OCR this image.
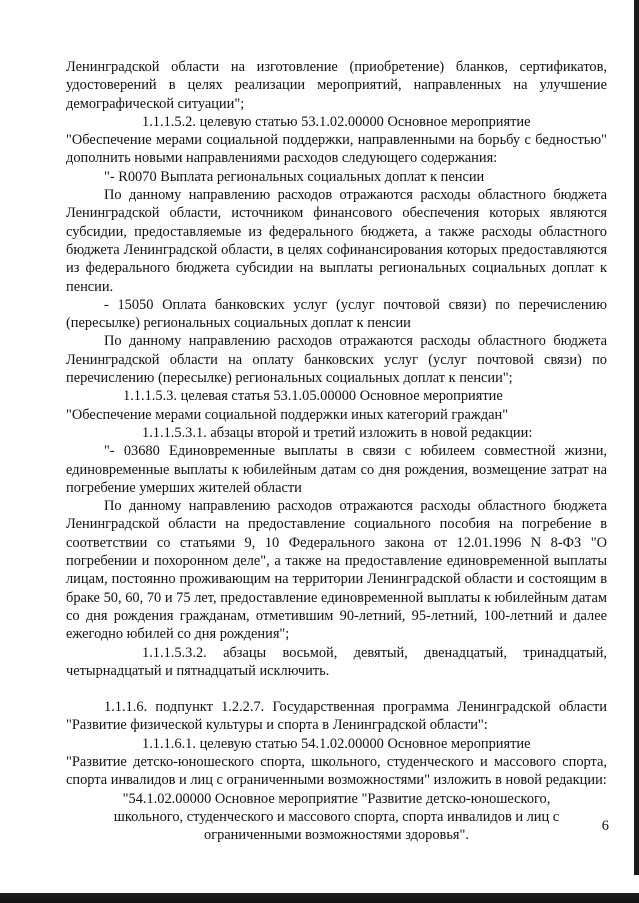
Ленинградской области на изготовление (приобретение) бланков, сертификатов, удостоверений в целях реализации мероприятий, направленных на улучшение демографической ситуации";

1.1.1.5.2. целевую статью 53.1.02.00000 Основное мероприятие

"Обеспечение мерами социальной поддержки, направленными на борьбу с бедностью" дополнить новыми направлениями расходов следующего содержания:

"- R0070 Выплата региональных социальных доплат к пенсии

По данному направлению расходов отражаются расходы областного бюджета Ленинградской области, источником финансового обеспечения которых являются субсидии, предоставляемые из федерального бюджета, а также расходы областного бюджета Ленинградской области, в целях софинансирования которых предоставляются из федерального бюджета субсидии на выплаты региональных социальных доплат к пенсии.

- 15050 Оплата банковских услуг (услуг почтовой связи) по перечислению (пересылке) региональных социальных доплат к пенсии

По данному направлению расходов отражаются расходы областного бюджета Ленинградской области на оплату банковских услуг (услуг почтовой связи) по перечислению (пересылке) региональных социальных доплат к пенсии";

1.1.1.5.3. целевая статья 53.1.05.00000 Основное мероприятие

"Обеспечение мерами социальной поддержки иных категорий граждан"

1.1.1.5.3.1. абзацы второй и третий изложить в новой редакции:

"- 03680 Единовременные выплаты в связи с юбилеем совместной жизни, единовременные выплаты к юбилейным датам со дня рождения, возмещение затрат на погребение умерших жителей области

По данному направлению расходов отражаются расходы областного бюджета Ленинградской области на предоставление социального пособия на погребение в соответствии со статьями 9, 10 Федерального закона от 12.01.1996 N 8-ФЗ "О погребении и похоронном деле", а также на предоставление единовременной выплаты лицам, постоянно проживающим на территории Ленинградской области и состоящим в браке 50, 60, 70 и 75 лет, предоставление единовременной выплаты к юбилейным датам со дня рождения гражданам, отметившим 90-летний, 95-летний, 100-летний и далее ежегодно юбилей со дня рождения";

1.1.1.5.3.2. абзацы восьмой, девятый, двенадцатый, тринадцатый, четырнадцатый и пятнадцатый исключить.

1.1.1.6. подпункт 1.2.2.7. Государственная программа Ленинградской области "Развитие физической культуры и спорта в Ленинградской области":

1.1.1.6.1. целевую статью 54.1.02.00000 Основное мероприятие

"Развитие детско-юношеского спорта, школьного, студенческого и массового спорта, спорта инвалидов и лиц с ограниченными возможностями" изложить в новой редакции:

"54.1.02.00000 Основное мероприятие "Развитие детско-юношеского, школьного, студенческого и массового спорта, спорта инвалидов и лиц с ограниченными возможностями здоровья".

6
